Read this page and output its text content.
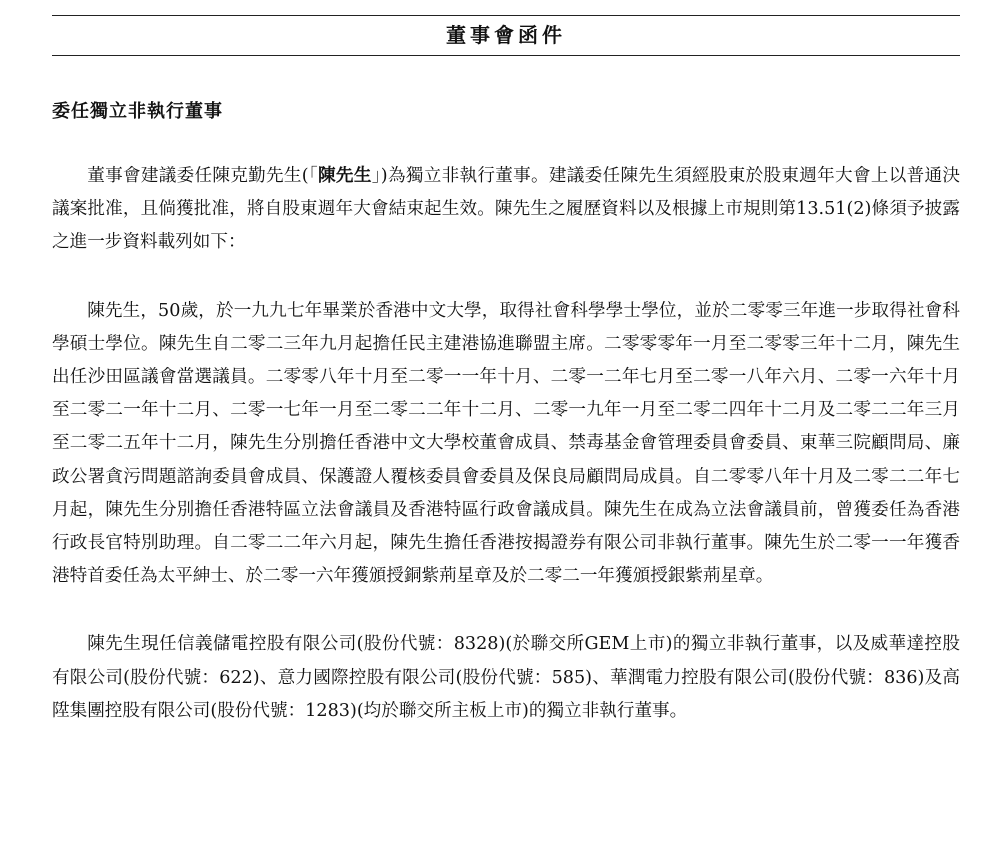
董事會函件
委任獨立非執行董事

董事會建議委任陳克勤先生(「陳先生」)為獨立非執行董事。建議委任陳先生須經股東於股東週年大會上以普通決議案批准，且倘獲批准，將自股東週年大會結束起生效。陳先生之履歷資料以及根據上市規則第13.51(2)條須予披露之進一步資料載列如下：

陳先生，50歲，於一九九七年畢業於香港中文大學，取得社會科學學士學位，並於二零零三年進一步取得社會科學碩士學位。陳先生自二零二三年九月起擔任民主建港協進聯盟主席。二零零零年一月至二零零三年十二月，陳先生出任沙田區議會當選議員。二零零八年十月至二零一一年十月、二零一二年七月至二零一八年六月、二零一六年十月至二零二一年十二月、二零一七年一月至二零二二年十二月、二零一九年一月至二零二四年十二月及二零二二年三月至二零二五年十二月，陳先生分別擔任香港中文大學校董會成員、禁毒基金會管理委員會委員、東華三院顧問局、廉政公署貪污問題諮詢委員會成員、保護證人覆核委員會委員及保良局顧問局成員。自二零零八年十月及二零二二年七月起，陳先生分別擔任香港特區立法會議員及香港特區行政會議成員。陳先生在成為立法會議員前，曾獲委任為香港行政長官特別助理。自二零二二年六月起，陳先生擔任香港按揭證券有限公司非執行董事。陳先生於二零一一年獲香港特首委任為太平紳士、於二零一六年獲頒授銅紫荊星章及於二零二一年獲頒授銀紫荊星章。

陳先生現任信義儲電控股有限公司(股份代號：8328)(於聯交所GEM上市)的獨立非執行董事，以及威華達控股有限公司(股份代號：622)、意力國際控股有限公司(股份代號：585)、華潤電力控股有限公司(股份代號：836)及高陞集團控股有限公司(股份代號：1283)(均於聯交所主板上市)的獨立非執行董事。
